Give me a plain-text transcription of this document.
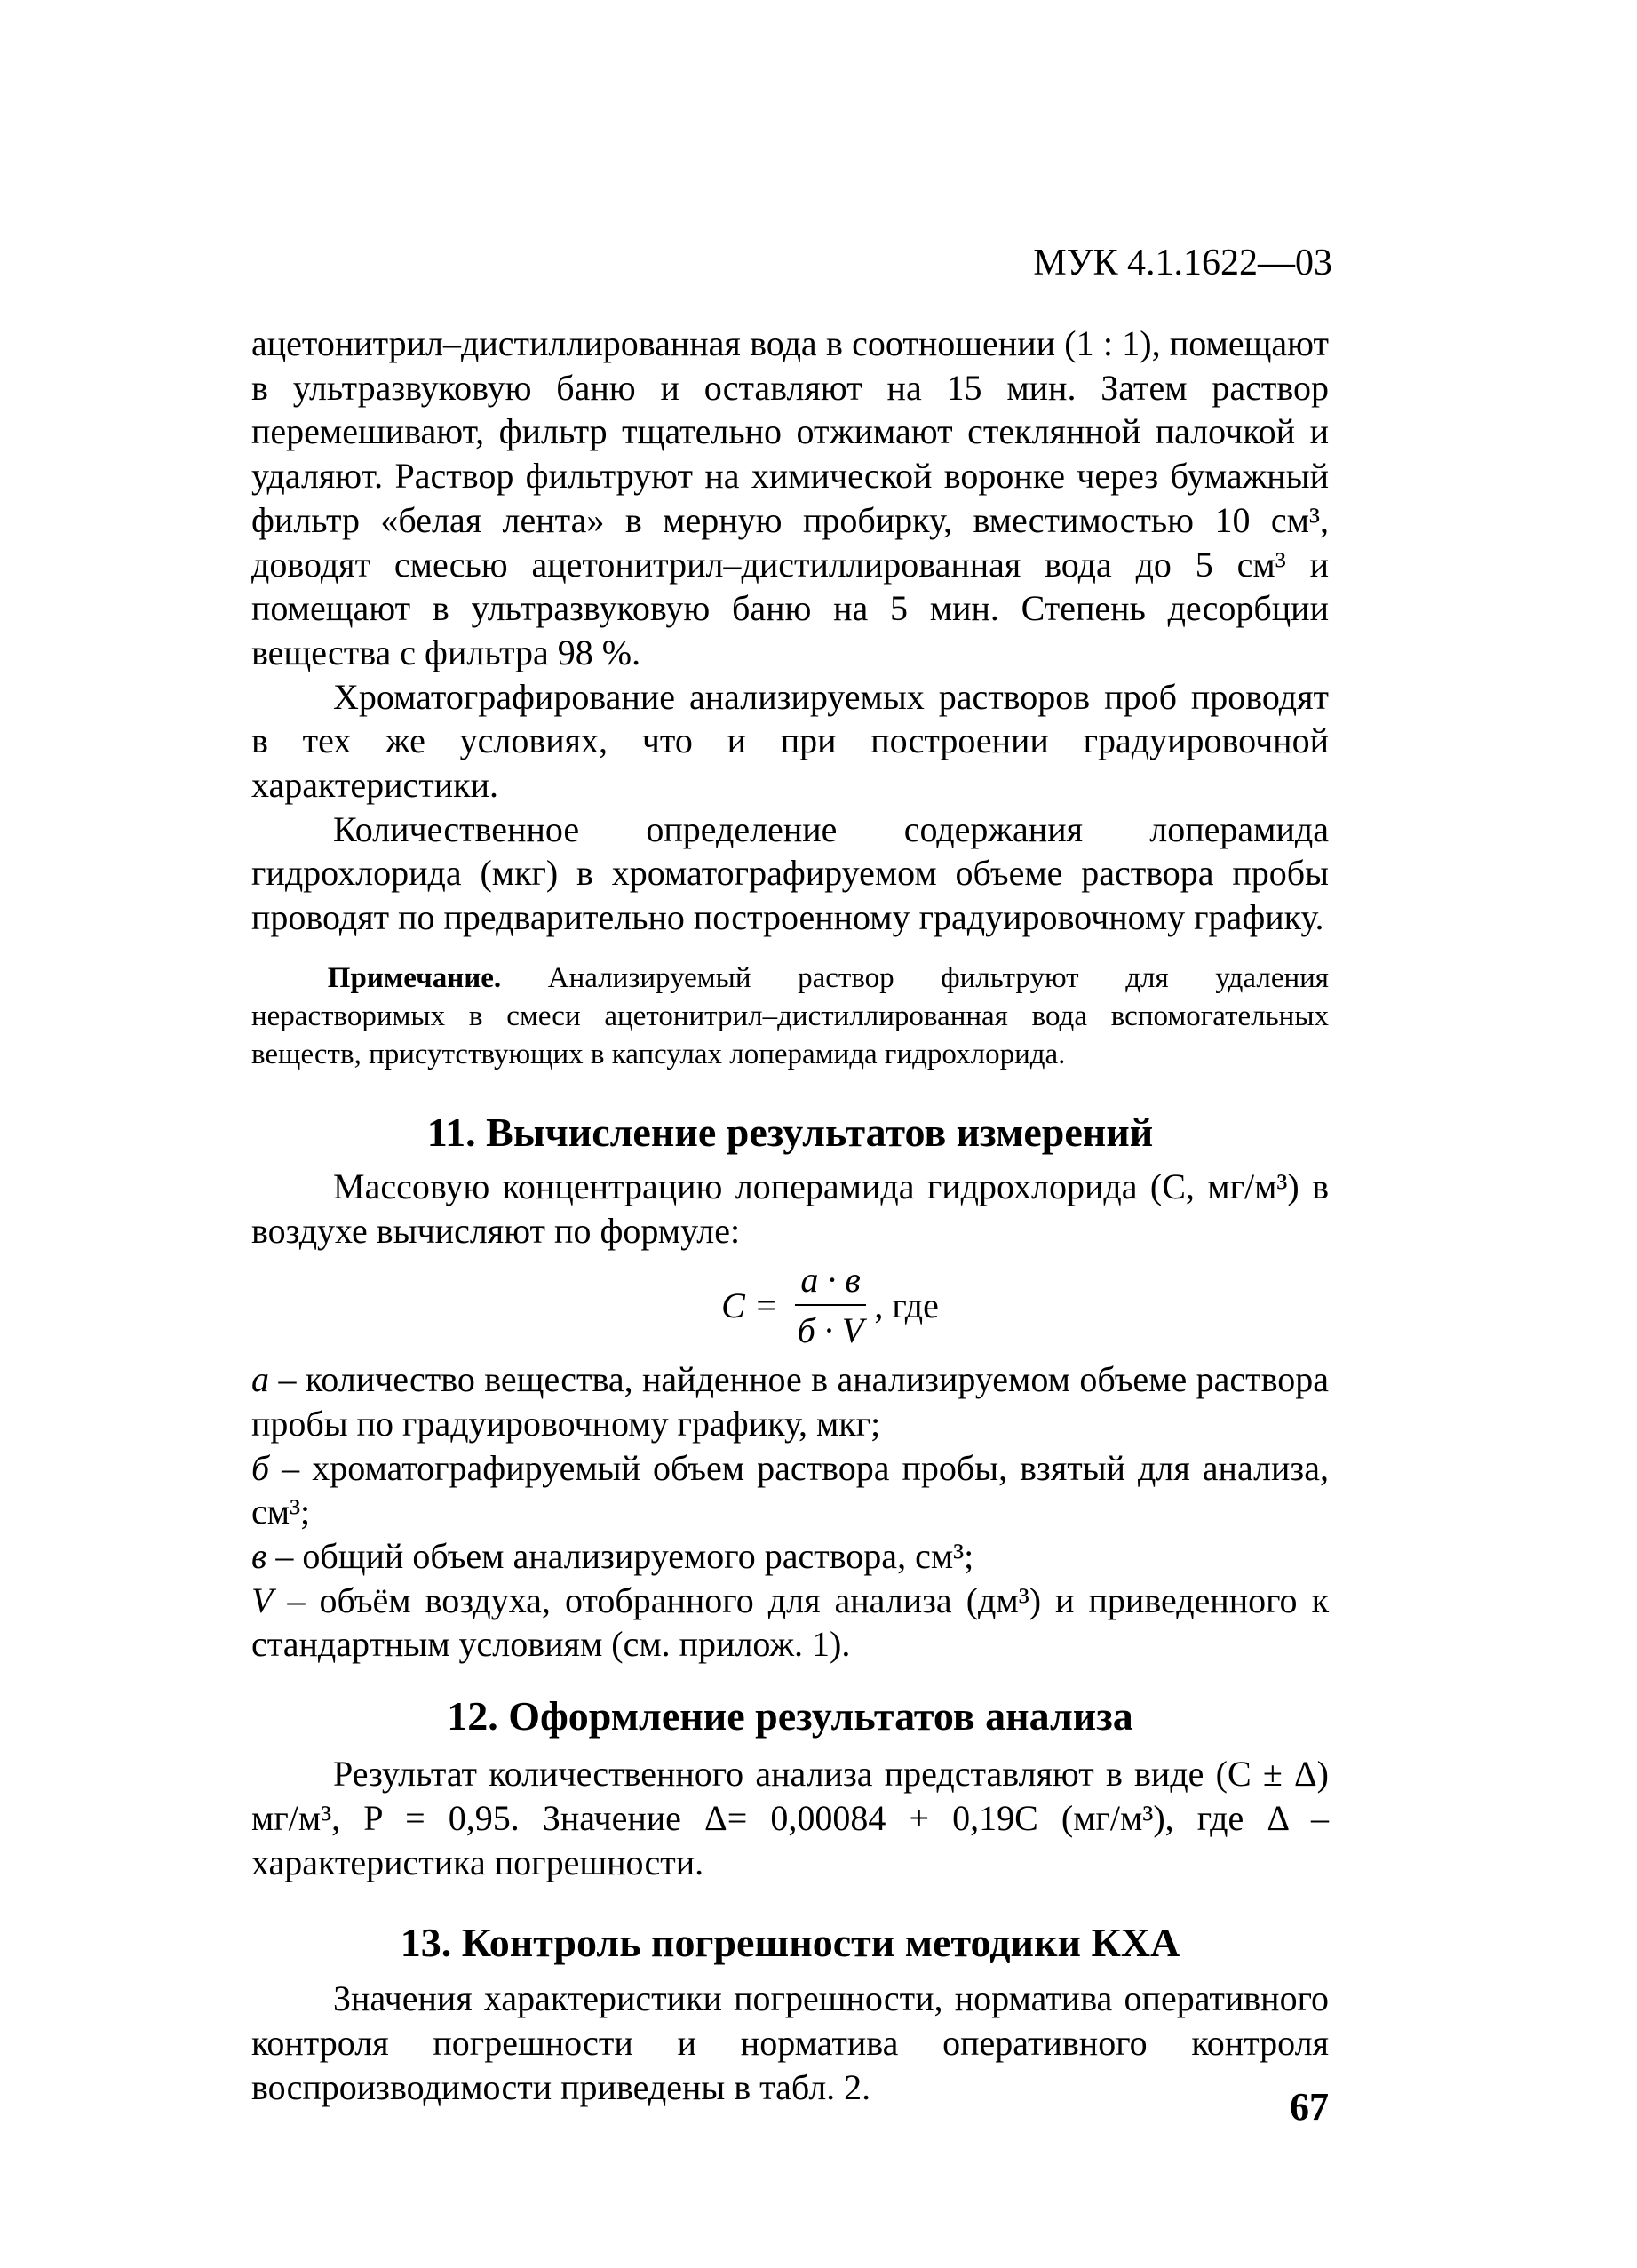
МУК 4.1.1622—03

ацетонитрил–дистиллированная вода в соотношении (1 : 1), помещают в ультразвуковую баню и оставляют на 15 мин. Затем раствор перемешивают, фильтр тщательно отжимают стеклянной палочкой и удаляют. Раствор фильтруют на химической воронке через бумажный фильтр «белая лента» в мерную пробирку, вместимостью 10 см³, доводят смесью ацетонитрил–дистиллированная вода до 5 см³ и помещают в ультразвуковую баню на 5 мин. Степень десорбции вещества с фильтра 98 %.

Хроматографирование анализируемых растворов проб проводят в тех же условиях, что и при построении градуировочной характеристики.

Количественное определение содержания лоперамида гидрохлорида (мкг) в хроматографируемом объеме раствора пробы проводят по предварительно построенному градуировочному графику.

Примечание. Анализируемый раствор фильтруют для удаления нерастворимых в смеси ацетонитрил–дистиллированная вода вспомогательных веществ, присутствующих в капсулах лоперамида гидрохлорида.

11. Вычисление результатов измерений

Массовую концентрацию лоперамида гидрохлорида (C, мг/м³) в воздухе вычисляют по формуле:

$C = \frac{а \cdot в}{б \cdot V}$ , где

а – количество вещества, найденное в анализируемом объеме раствора пробы по градуировочному графику, мкг;

б – хроматографируемый объем раствора пробы, взятый для анализа, см³;

в – общий объем анализируемого раствора, см³;

V – объём воздуха, отобранного для анализа (дм³) и приведенного к стандартным условиям (см. прилож. 1).

12. Оформление результатов анализа

Результат количественного анализа представляют в виде (C ± Δ) мг/м³, P = 0,95. Значение Δ= 0,00084 + 0,19C (мг/м³), где Δ – характеристика погрешности.

13. Контроль погрешности методики КХА

Значения характеристики погрешности, норматива оперативного контроля погрешности и норматива оперативного контроля воспроизводимости приведены в табл. 2.	67
